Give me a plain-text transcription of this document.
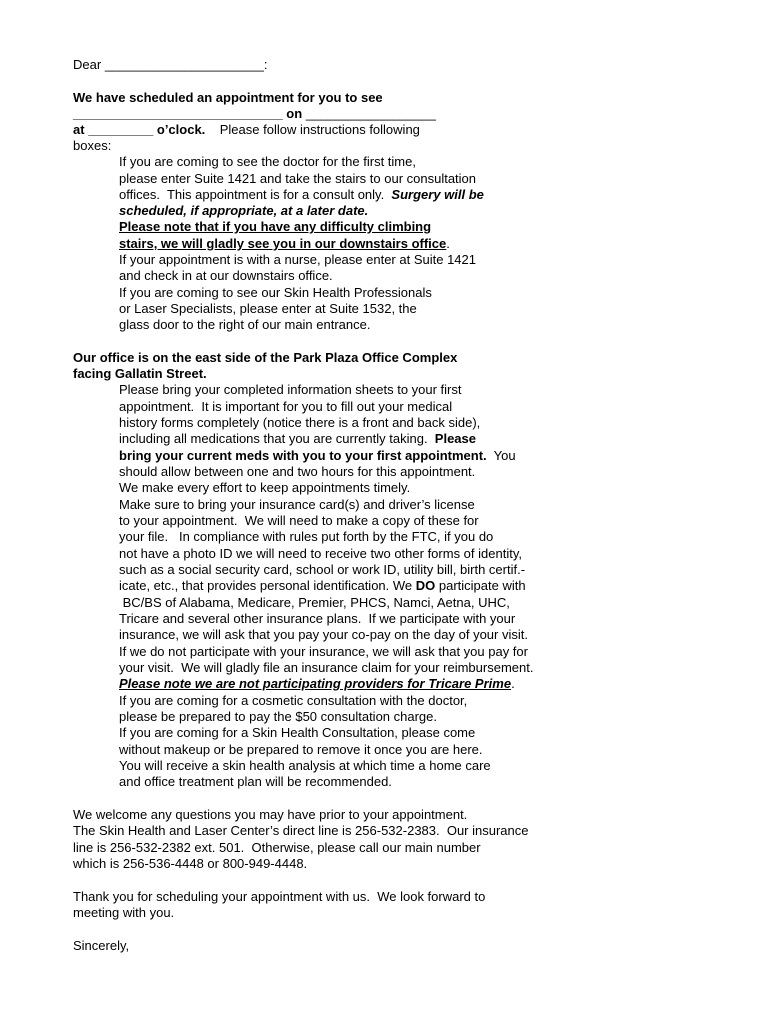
Dear ______________________:

We have scheduled an appointment for you to see

_____________________________ on __________________

at _________ o’clock.    Please follow instructions following

boxes:

If you are coming to see the doctor for the first time,

please enter Suite 1421 and take the stairs to our consultation

offices.  This appointment is for a consult only.  Surgery will be

scheduled, if appropriate, at a later date.

Please note that if you have any difficulty climbing

stairs, we will gladly see you in our downstairs office.

If your appointment is with a nurse, please enter at Suite 1421

and check in at our downstairs office.

If you are coming to see our Skin Health Professionals

or Laser Specialists, please enter at Suite 1532, the

glass door to the right of our main entrance.

Our office is on the east side of the Park Plaza Office Complex

facing Gallatin Street.

Please bring your completed information sheets to your first

appointment.  It is important for you to fill out your medical

history forms completely (notice there is a front and back side),

including all medications that you are currently taking.  Please

bring your current meds with you to your first appointment.  You

should allow between one and two hours for this appointment.

We make every effort to keep appointments timely.

Make sure to bring your insurance card(s) and driver’s license

to your appointment.  We will need to make a copy of these for

your file.   In compliance with rules put forth by the FTC, if you do

not have a photo ID we will need to receive two other forms of identity,

such as a social security card, school or work ID, utility bill, birth certif.-

icate, etc., that provides personal identification. We DO participate with

BC/BS of Alabama, Medicare, Premier, PHCS, Namci, Aetna, UHC,

Tricare and several other insurance plans.  If we participate with your

insurance, we will ask that you pay your co-pay on the day of your visit.

If we do not participate with your insurance, we will ask that you pay for

your visit.  We will gladly file an insurance claim for your reimbursement.

Please note we are not participating providers for Tricare Prime.

If you are coming for a cosmetic consultation with the doctor,

please be prepared to pay the $50 consultation charge.

If you are coming for a Skin Health Consultation, please come

without makeup or be prepared to remove it once you are here.

You will receive a skin health analysis at which time a home care

and office treatment plan will be recommended.

We welcome any questions you may have prior to your appointment.

The Skin Health and Laser Center’s direct line is 256-532-2383.  Our insurance

line is 256-532-2382 ext. 501.  Otherwise, please call our main number

which is 256-536-4448 or 800-949-4448.

Thank you for scheduling your appointment with us.  We look forward to

meeting with you.

Sincerely,
